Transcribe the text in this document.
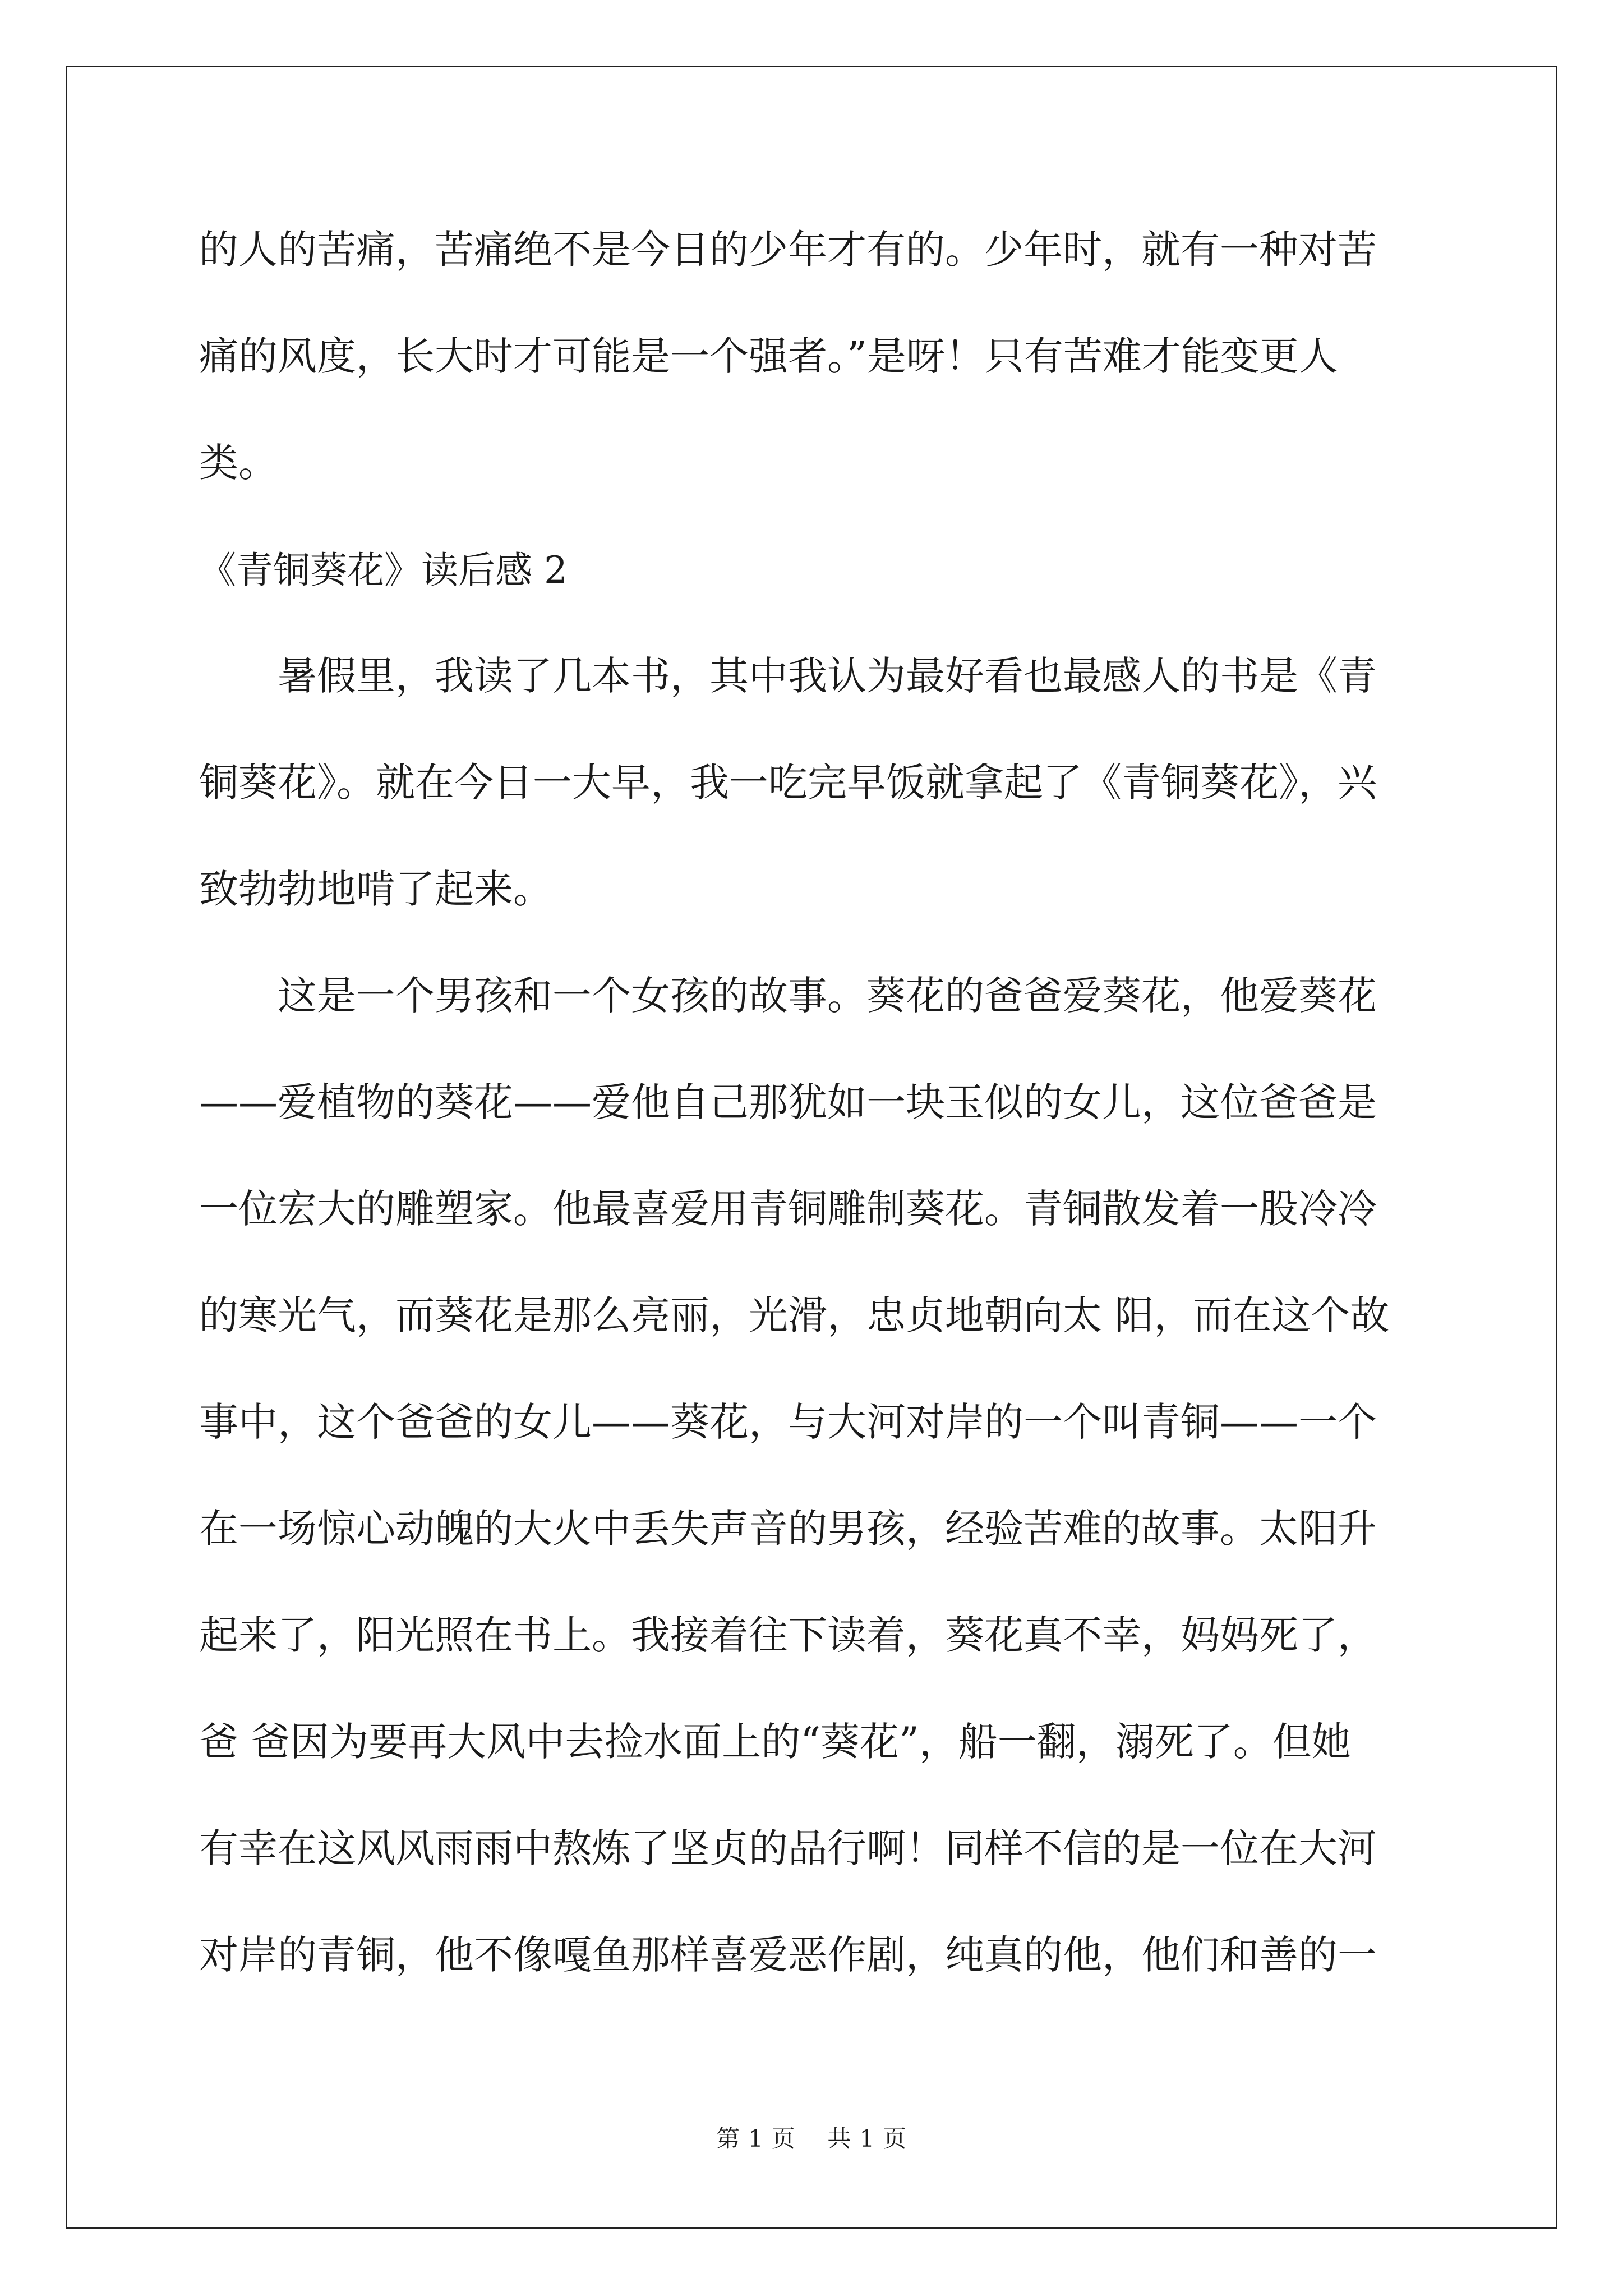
的人的苦痛，苦痛绝不是今日的少年才有的。少年时，就有一种对苦
痛的风度，长大时才可能是一个强者。”是呀！只有苦难才能变更人
类。
《青铜葵花》读后感 2
暑假里，我读了几本书，其中我认为最好看也最感人的书是《青
铜葵花》。就在今日一大早，我一吃完早饭就拿起了《青铜葵花》，兴
致勃勃地啃了起来。
这是一个男孩和一个女孩的故事。葵花的爸爸爱葵花，他爱葵花
——爱植物的葵花——爱他自己那犹如一块玉似的女儿，这位爸爸是
一位宏大的雕塑家。他最喜爱用青铜雕制葵花。青铜散发着一股冷冷
的寒光气，而葵花是那么亮丽，光滑，忠贞地朝向太 阳，而在这个故
事中，这个爸爸的女儿——葵花，与大河对岸的一个叫青铜——一个
在一场惊心动魄的大火中丢失声音的男孩，经验苦难的故事。太阳升
起来了，阳光照在书上。我接着往下读着，葵花真不幸，妈妈死了，
爸 爸因为要再大风中去捡水面上的“葵花”，船一翻，溺死了。但她
有幸在这风风雨雨中熬炼了坚贞的品行啊！同样不信的是一位在大河
对岸的青铜，他不像嘎鱼那样喜爱恶作剧，纯真的他，他们和善的一
第 1 页 共 1 页
